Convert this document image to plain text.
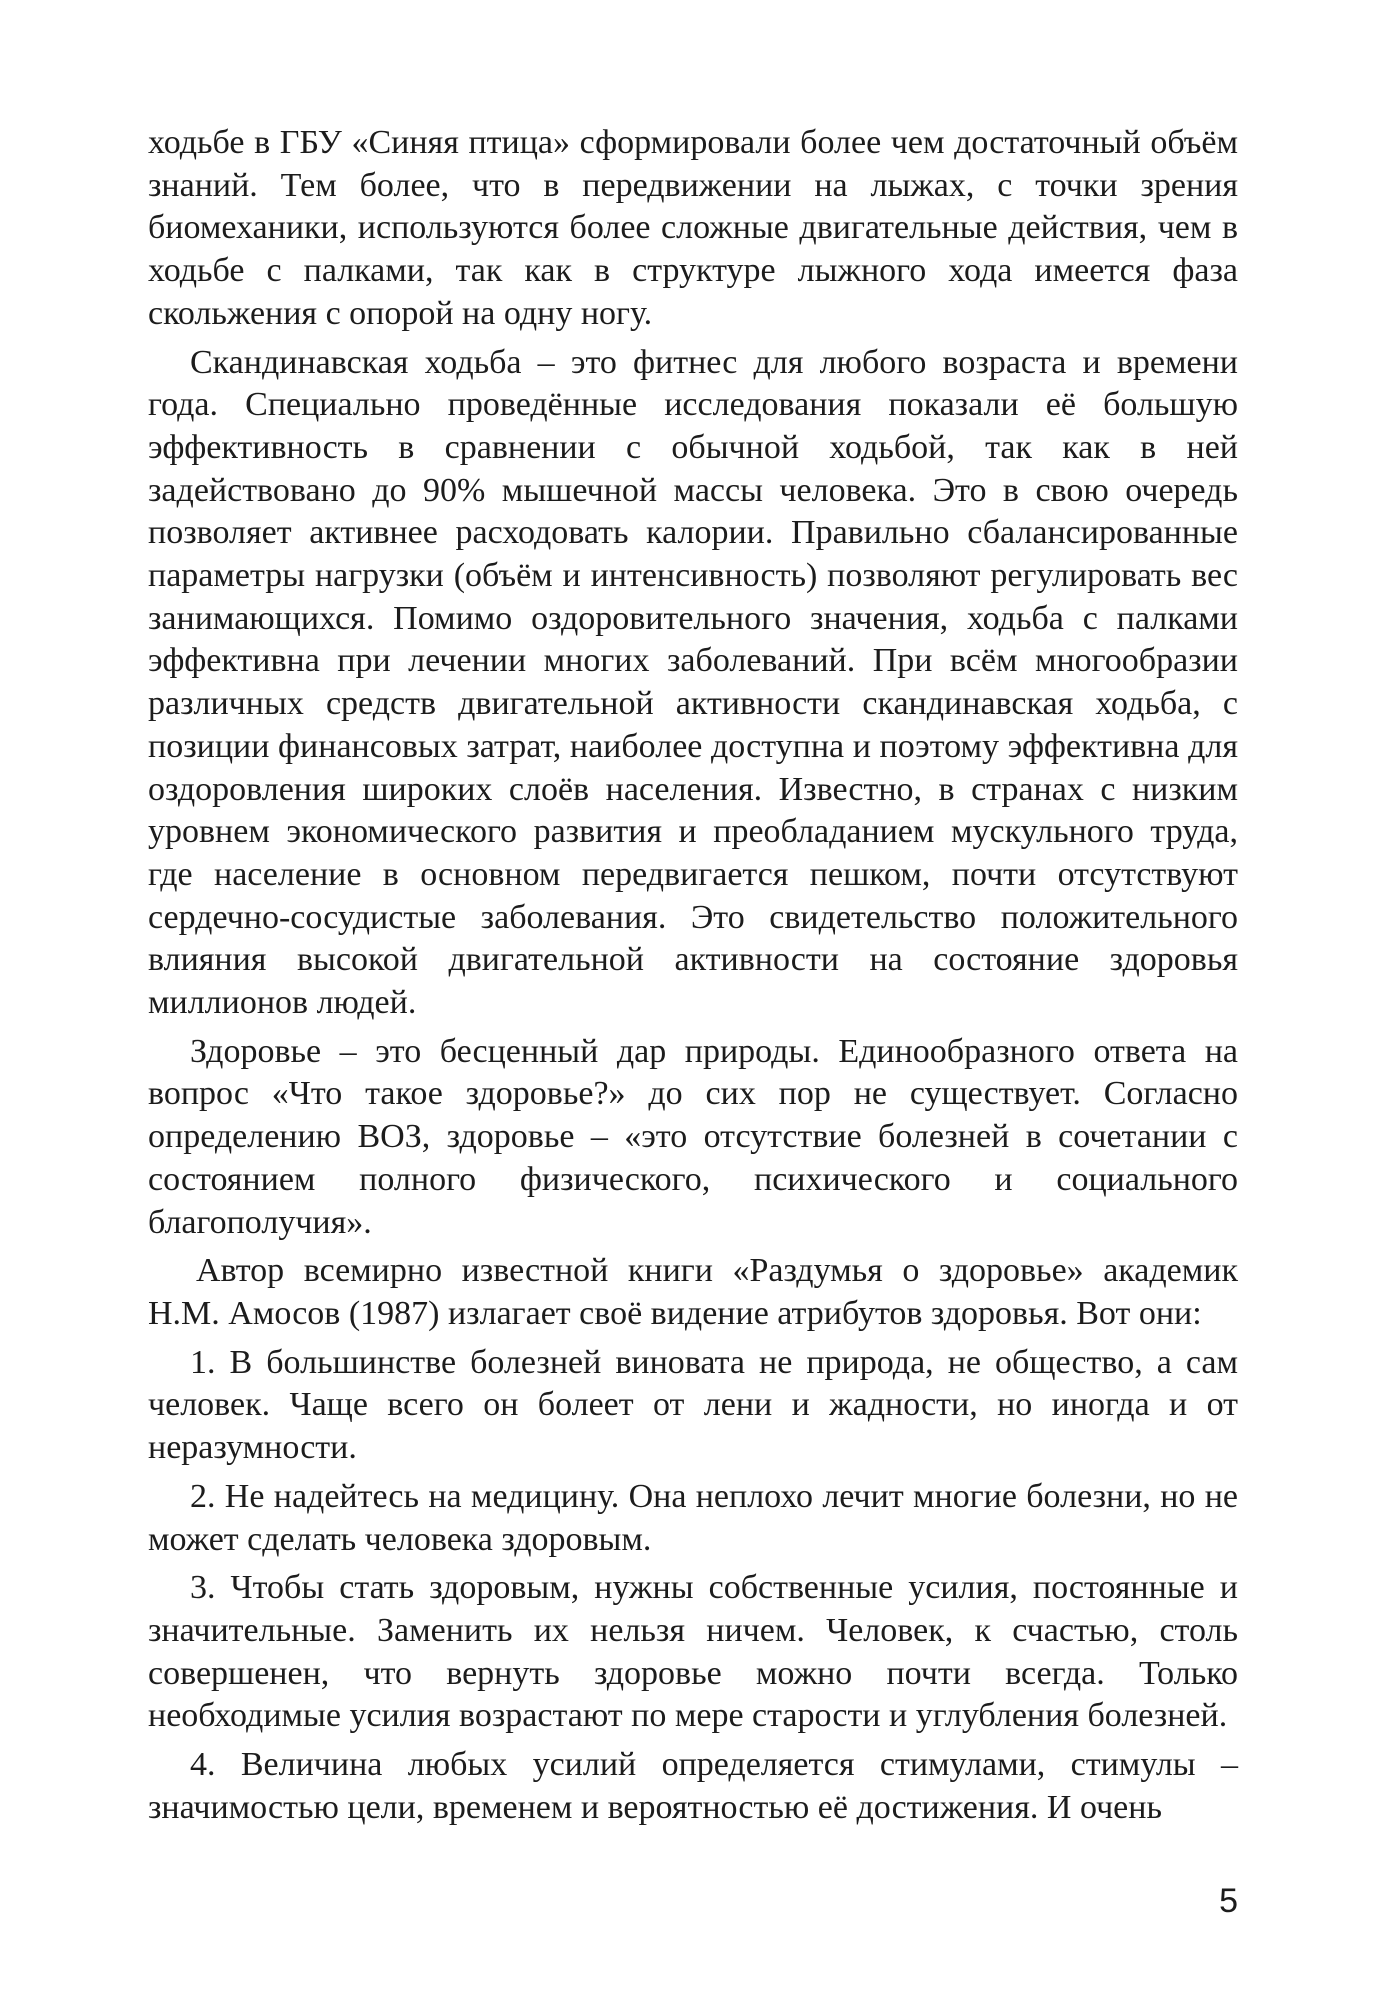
ходьбе в ГБУ «Синяя птица» сформировали более чем достаточный объём знаний. Тем более, что в передвижении на лыжах, с точки зрения биомеханики, используются более сложные двигательные действия, чем в ходьбе с палками, так как в структуре лыжного хода имеется фаза скольжения с опорой на одну ногу.

Скандинавская ходьба – это фитнес для любого возраста и времени года. Специально проведённые исследования показали её большую эффективность в сравнении с обычной ходьбой, так как в ней задействовано до 90% мышечной массы человека. Это в свою очередь позволяет активнее расходовать калории. Правильно сбалансированные параметры нагрузки (объём и интенсивность) позволяют регулировать вес занимающихся. Помимо оздоровительного значения, ходьба с палками эффективна при лечении многих заболеваний. При всём многообразии различных средств двигательной активности скандинавская ходьба, с позиции финансовых затрат, наиболее доступна и поэтому эффективна для оздоровления широких слоёв населения. Известно, в странах с низким уровнем экономического развития и преобладанием мускульного труда, где население в основном передвигается пешком, почти отсутствуют сердечно-сосудистые заболевания. Это свидетельство положительного влияния высокой двигательной активности на состояние здоровья миллионов людей.

Здоровье – это бесценный дар природы. Единообразного ответа на вопрос «Что такое здоровье?» до сих пор не существует. Согласно определению ВОЗ, здоровье – «это отсутствие болезней в сочетании с состоянием полного физического, психического и социального благополучия».

Автор всемирно известной книги «Раздумья о здоровье» академик Н.М. Амосов (1987) излагает своё видение атрибутов здоровья. Вот они:

1. В большинстве болезней виновата не природа, не общество, а сам человек. Чаще всего он болеет от лени и жадности, но иногда и от неразумности.

2. Не надейтесь на медицину. Она неплохо лечит многие болезни, но не может сделать человека здоровым.

3. Чтобы стать здоровым, нужны собственные усилия, постоянные и значительные. Заменить их нельзя ничем. Человек, к счастью, столь совершенен, что вернуть здоровье можно почти всегда. Только необходимые усилия возрастают по мере старости и углубления болезней.

4. Величина любых усилий определяется стимулами, стимулы – значимостью цели, временем и вероятностью её достижения. И очень

5
